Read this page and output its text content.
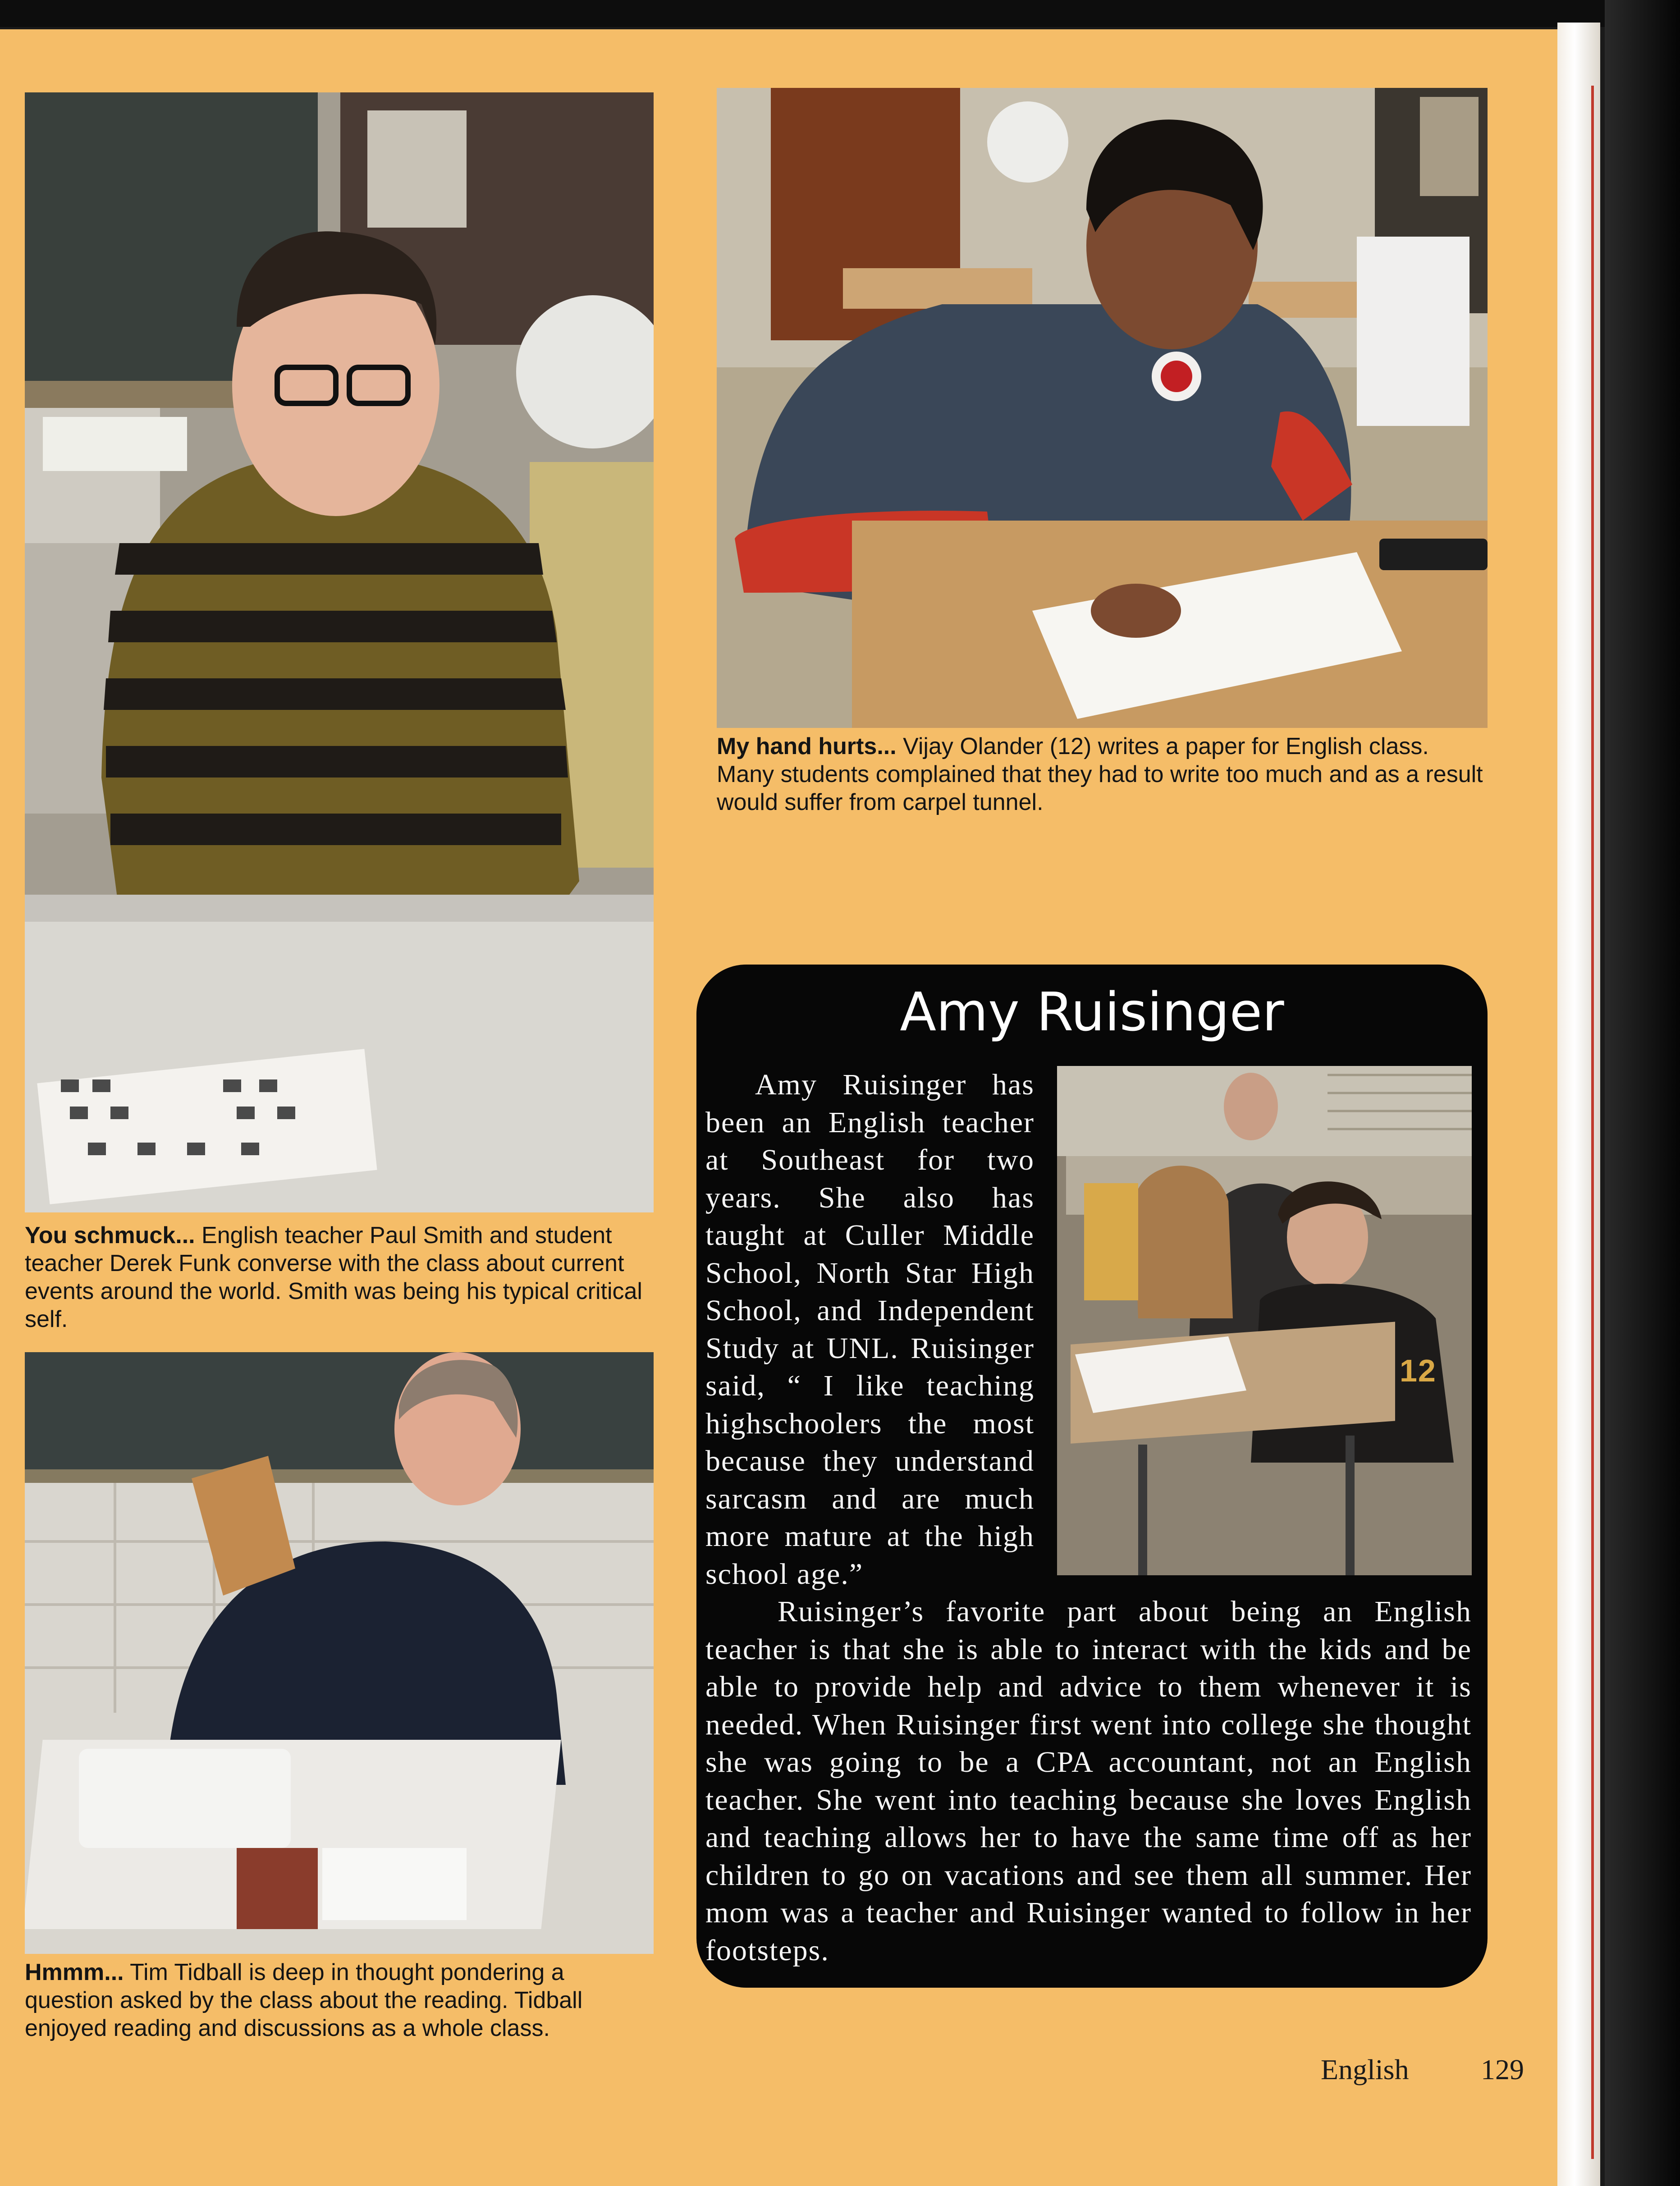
My hand hurts... Vijay Olander (12) writes a paper for English class. Many students complained that they had to write too much and as a result would suffer from carpel tunnel.
You schmuck... English teacher Paul Smith and student teacher Derek Funk converse with the class about current events around the world. Smith was being his typical critical self.
Hmmm... Tim Tidball is deep in thought pondering a question asked by the class about the reading. Tidball enjoyed reading and discussions as a whole class.
Amy Ruisinger
12
Amy Ruisinger has been an English teacher at Southeast for two years. She also has taught at Culler Middle School, North Star High School, and Independent Study at UNL. Ruisinger said, “ I like teaching highschoolers the most because they understand sarcasm and are much more mature at the high school age.”
Ruisinger’s favorite part about being an English teacher is that she is able to interact with the kids and be able to provide help and advice to them whenever it is needed. When Ruisinger first went into college she thought she was going to be a CPA accountant, not an English teacher. She went into teaching because she loves English and teaching allows her to have the same time off as her children to go on vacations and see them all summer. Her mom was a teacher and Ruisinger wanted to follow in her footsteps.
English 129
